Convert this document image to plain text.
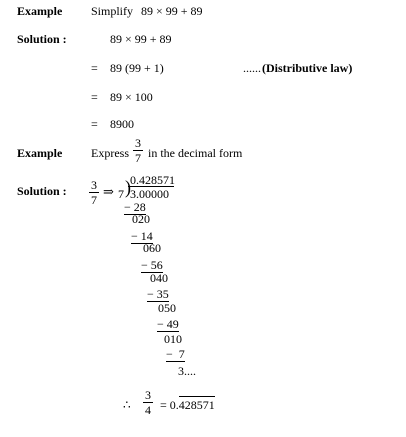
Example Simplify 89 × 99 + 89
Solution :	89 × 99 + 89
= 89 (99 + 1)	...... (Distributive law)
= 89 × 100
= 8900
Example Express
3
7 in the decimal form
Solution : 3
7
⇒
0.428571
7 ) 3.00000
− 28
020
− 14
060
− 56
040
− 35
050
− 49
010
−  7
3....
∴
3
4 = 0.428571
